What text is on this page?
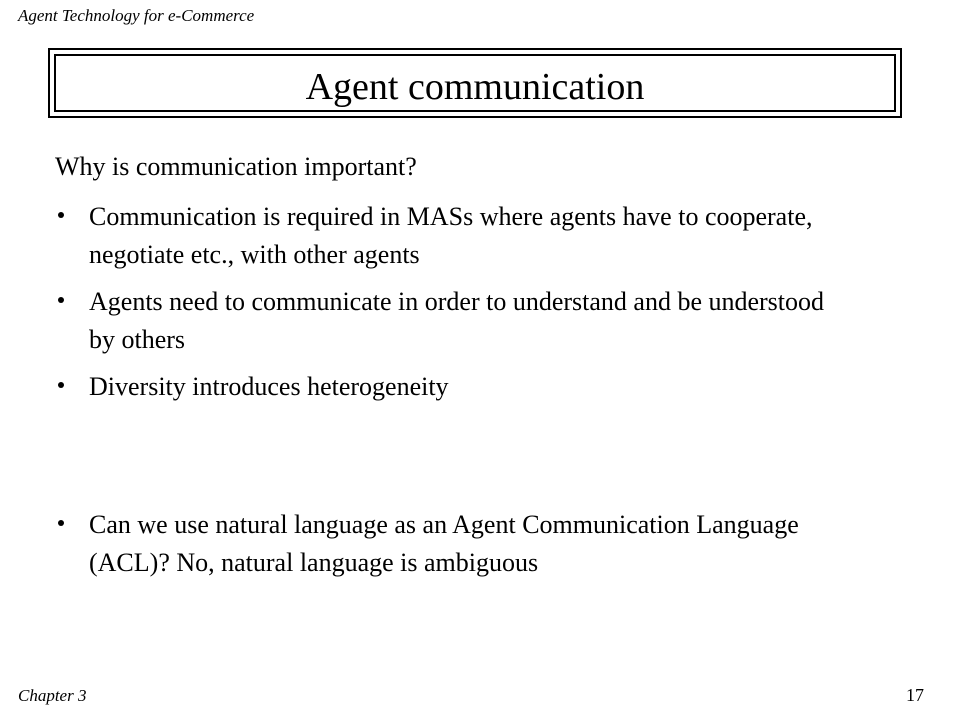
Agent Technology for e-Commerce
Agent communication
Why is communication important?
Communication is required in MASs where agents have to cooperate, negotiate etc., with other agents
Agents need to communicate in order to understand and be understood by others
Diversity introduces heterogeneity
Can we use natural language as an Agent Communication Language (ACL)? No, natural language is ambiguous
Chapter 3	17
